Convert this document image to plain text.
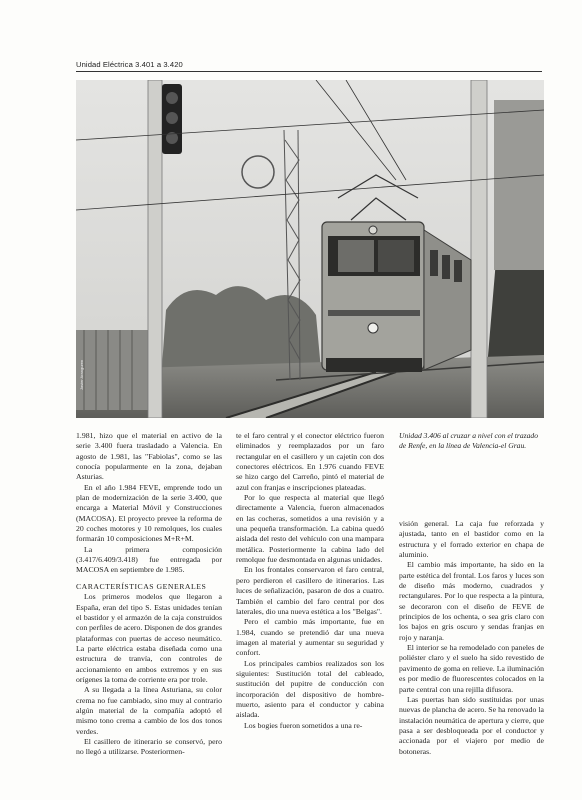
Unidad Eléctrica 3.401 a 3.420
Javier Aranguren

1.981, hizo que el material en activo de la serie 3.400 fuera trasladado a Valencia. En agosto de 1.981, las "Fabiolas", como se las conocía popularmente en la zona, dejaban Asturias.

En el año 1.984 FEVE, emprende todo un plan de modernización de la serie 3.400, que encarga a Material Móvil y Construcciones (MACOSA). El proyecto prevee la reforma de 20 coches motores y 10 remolques, los cuales formarán 10 composiciones M+R+M.

La primera composición (3.417/6.409/3.418) fue entregada por MACOSA en septiembre de 1.985.

CARACTERÍSTICAS GENERALES

Los primeros modelos que llegaron a España, eran del tipo S. Estas unidades tenían el bastidor y el armazón de la caja construidos con perfiles de acero. Disponen de dos grandes plataformas con puertas de acceso neumático. La parte eléctrica estaba diseñada como una estructura de tranvía, con controles de accionamiento en ambos extremos y en sus orígenes la toma de corriente era por trole.

A su llegada a la línea Asturiana, su color crema no fue cambiado, sino muy al contrario algún material de la compañía adoptó el mismo tono crema a cambio de los dos tonos verdes.

El casillero de itinerario se conservó, pero no llegó a utilizarse. Posteriormen-

te el faro central y el conector eléctrico fueron eliminados y reemplazados por un faro rectangular en el casillero y un cajetín con dos conectores eléctricos. En 1.976 cuando FEVE se hizo cargo del Carreño, pintó el material de azul con franjas e inscripciones plateadas.

Por lo que respecta al material que llegó directamente a Valencia, fueron almacenados en las cocheras, sometidos a una revisión y a una pequeña transformación. La cabina quedó aislada del resto del vehículo con una mampara metálica. Posteriormente la cabina lado del remolque fue desmontada en algunas unidades.

En los frontales conservaron el faro central, pero perdieron el casillero de itinerarios. Las luces de señalización, pasaron de dos a cuatro. También el cambio del faro central por dos laterales, dio una nueva estética a los "Belgas".

Pero el cambio más importante, fue en 1.984, cuando se pretendió dar una nueva imagen al material y aumentar su seguridad y confort.

Los principales cambios realizados son los siguientes: Sustitución total del cableado, sustitución del pupitre de conducción con incorporación del dispositivo de hombre-muerto, asiento para el conductor y cabina aislada.

Los bogies fueron sometidos a una re-

Unidad 3.406 al cruzar a nivel con el trazado de Renfe, en la línea de Valencia-el Grau.

visión general. La caja fue reforzada y ajustada, tanto en el bastidor como en la estructura y el forrado exterior en chapa de aluminio.

El cambio más importante, ha sido en la parte estética del frontal. Los faros y luces son de diseño más moderno, cuadrados y rectangulares. Por lo que respecta a la pintura, se decoraron con el diseño de FEVE de principios de los ochenta, o sea gris claro con los bajos en gris oscuro y sendas franjas en rojo y naranja.

El interior se ha remodelado con paneles de poliéster claro y el suelo ha sido revestido de pavimento de goma en relieve. La iluminación es por medio de fluorescentes colocados en la parte central con una rejilla difusora.

Las puertas han sido sustituidas por unas nuevas de plancha de acero. Se ha renovado la instalación neumática de apertura y cierre, que pasa a ser desbloqueada por el conductor y accionada por el viajero por medio de botoneras.
